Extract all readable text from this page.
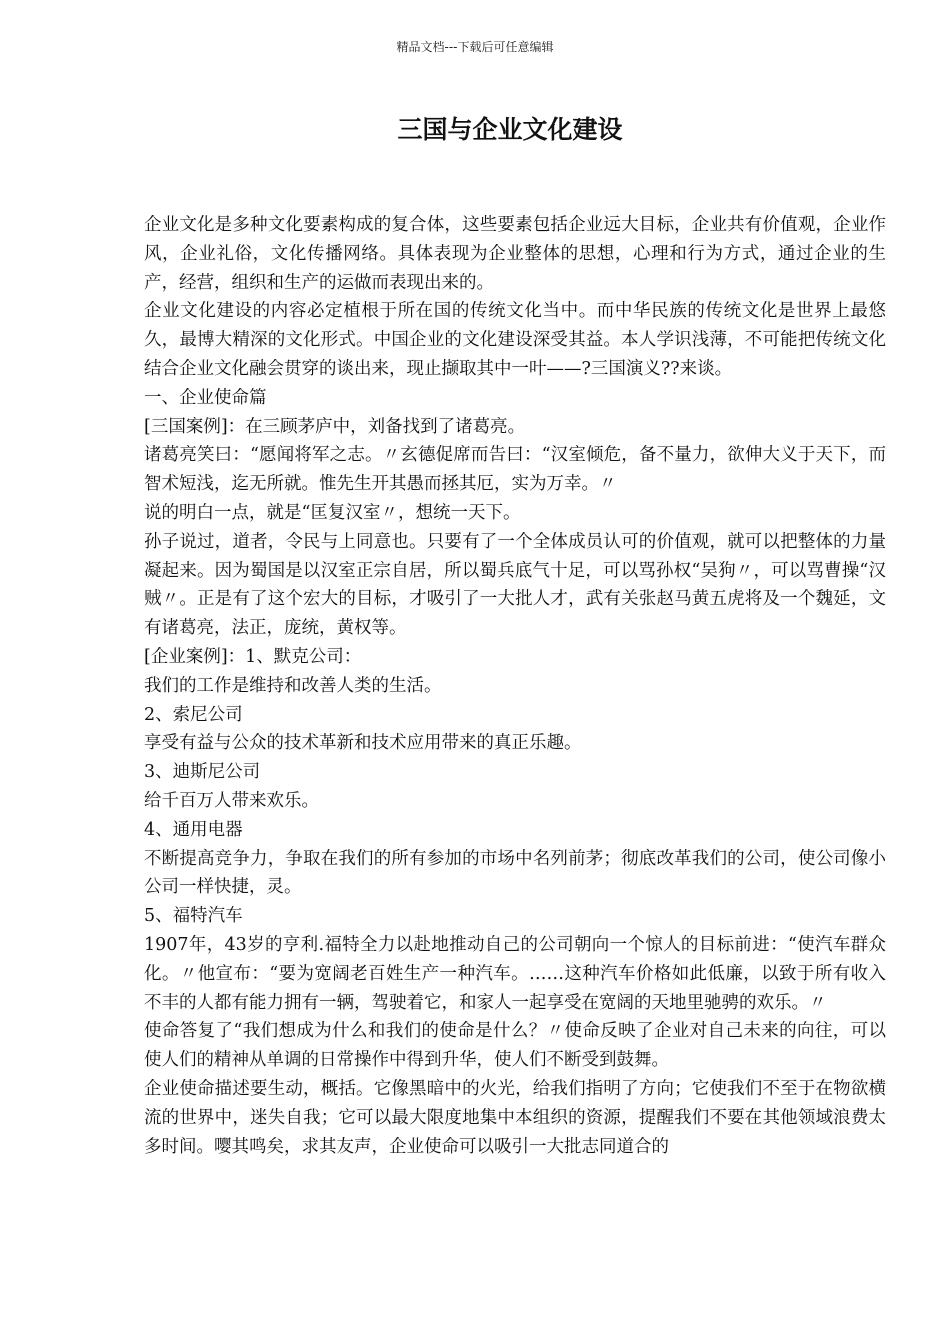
精品文档---下载后可任意编辑
三国与企业文化建设

企业文化是多种文化要素构成的复合体，这些要素包括企业远大目标，企业共有价值观，企业作风，企业礼俗，文化传播网络。具体表现为企业整体的思想，心理和行为方式，通过企业的生产，经营，组织和生产的运做而表现出来的。

企业文化建设的内容必定植根于所在国的传统文化当中。而中华民族的传统文化是世界上最悠久，最博大精深的文化形式。中国企业的文化建设深受其益。本人学识浅薄，不可能把传统文化结合企业文化融会贯穿的谈出来，现止撷取其中一叶——?三国演义??来谈。

一、企业使命篇

[三国案例]：在三顾茅庐中，刘备找到了诸葛亮。

诸葛亮笑曰：“愿闻将军之志。〃玄德促席而告曰：“汉室倾危，备不量力，欲伸大义于天下，而智术短浅，迄无所就。惟先生开其愚而拯其厄，实为万幸。〃

说的明白一点，就是“匡复汉室〃，想统一天下。

孙子说过，道者，令民与上同意也。只要有了一个全体成员认可的价值观，就可以把整体的力量凝起来。因为蜀国是以汉室正宗自居，所以蜀兵底气十足，可以骂孙权“吴狗〃，可以骂曹操“汉贼〃。正是有了这个宏大的目标，才吸引了一大批人才，武有关张赵马黄五虎将及一个魏延，文有诸葛亮，法正，庞统，黄权等。

[企业案例]：1、默克公司：

我们的工作是维持和改善人类的生活。

2、索尼公司

享受有益与公众的技术革新和技术应用带来的真正乐趣。

3、迪斯尼公司

给千百万人带来欢乐。

4、通用电器

不断提高竞争力，争取在我们的所有参加的市场中名列前茅；彻底改革我们的公司，使公司像小公司一样快捷，灵。

5、福特汽车

1907年，43岁的亨利.福特全力以赴地推动自己的公司朝向一个惊人的目标前进：“使汽车群众化。〃他宣布：“要为宽阔老百姓生产一种汽车。……这种汽车价格如此低廉，以致于所有收入不丰的人都有能力拥有一辆，驾驶着它，和家人一起享受在宽阔的天地里驰骋的欢乐。〃

使命答复了“我们想成为什么和我们的使命是什么？〃使命反映了企业对自己未来的向往，可以使人们的精神从单调的日常操作中得到升华，使人们不断受到鼓舞。

企业使命描述要生动，概括。它像黑暗中的火光，给我们指明了方向；它使我们不至于在物欲横流的世界中，迷失自我；它可以最大限度地集中本组织的资源，提醒我们不要在其他领域浪费太多时间。嘤其鸣矣，求其友声，企业使命可以吸引一大批志同道合的
